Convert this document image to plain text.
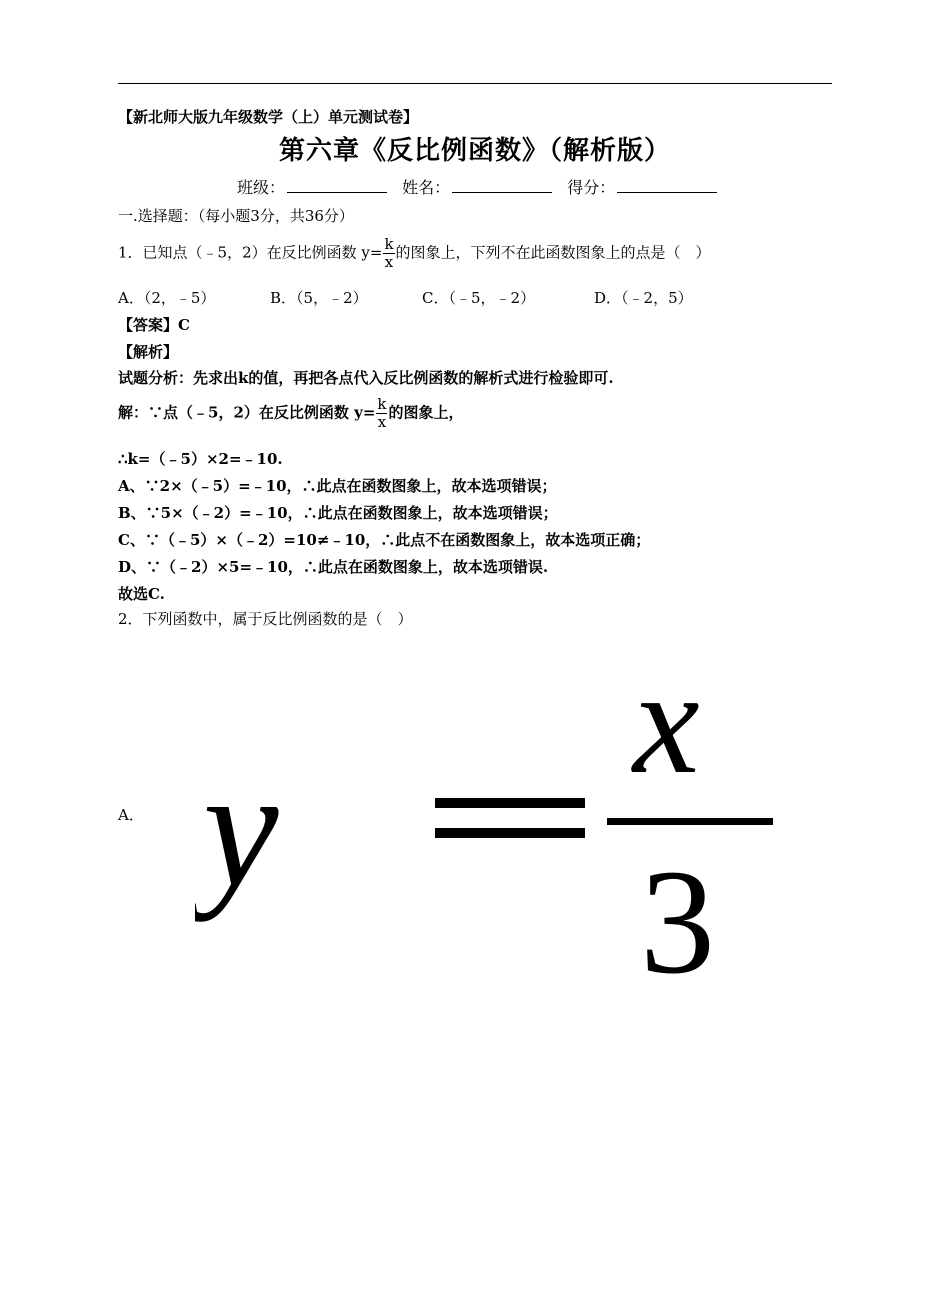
【新北师大版九年级数学（上）单元测试卷】
第六章《反比例函数》（解析版）
班级：	姓名：	得分：
一.选择题：（每小题3分，共36分）
1．已知点（﹣5，2）在反比例函数 $y= \frac{k}{x}$ 的图象上，下列不在此函数图象上的点是（　）
A．（2，﹣5）	B．（5，﹣2）	C．（﹣5，﹣2）	D．（﹣2，5）
【答案】C
【解析】
试题分析：先求出k的值，再把各点代入反比例函数的解析式进行检验即可.
解：∵点（﹣5，2）在反比例函数 $y= \frac{k}{x}$ 的图象上，
∴k=（﹣5）×2=﹣10.
A、∵2×（﹣5）=﹣10，∴此点在函数图象上，故本选项错误；
B、∵5×（﹣2）=﹣10，∴此点在函数图象上，故本选项错误；
C、∵（﹣5）×（﹣2）=10≠﹣10，∴此点不在函数图象上，故本选项正确；
D、∵（﹣2）×5=﹣10，∴此点在函数图象上，故本选项错误.
故选C.
2．下列函数中，属于反比例函数的是（　）
A． y
x
3
